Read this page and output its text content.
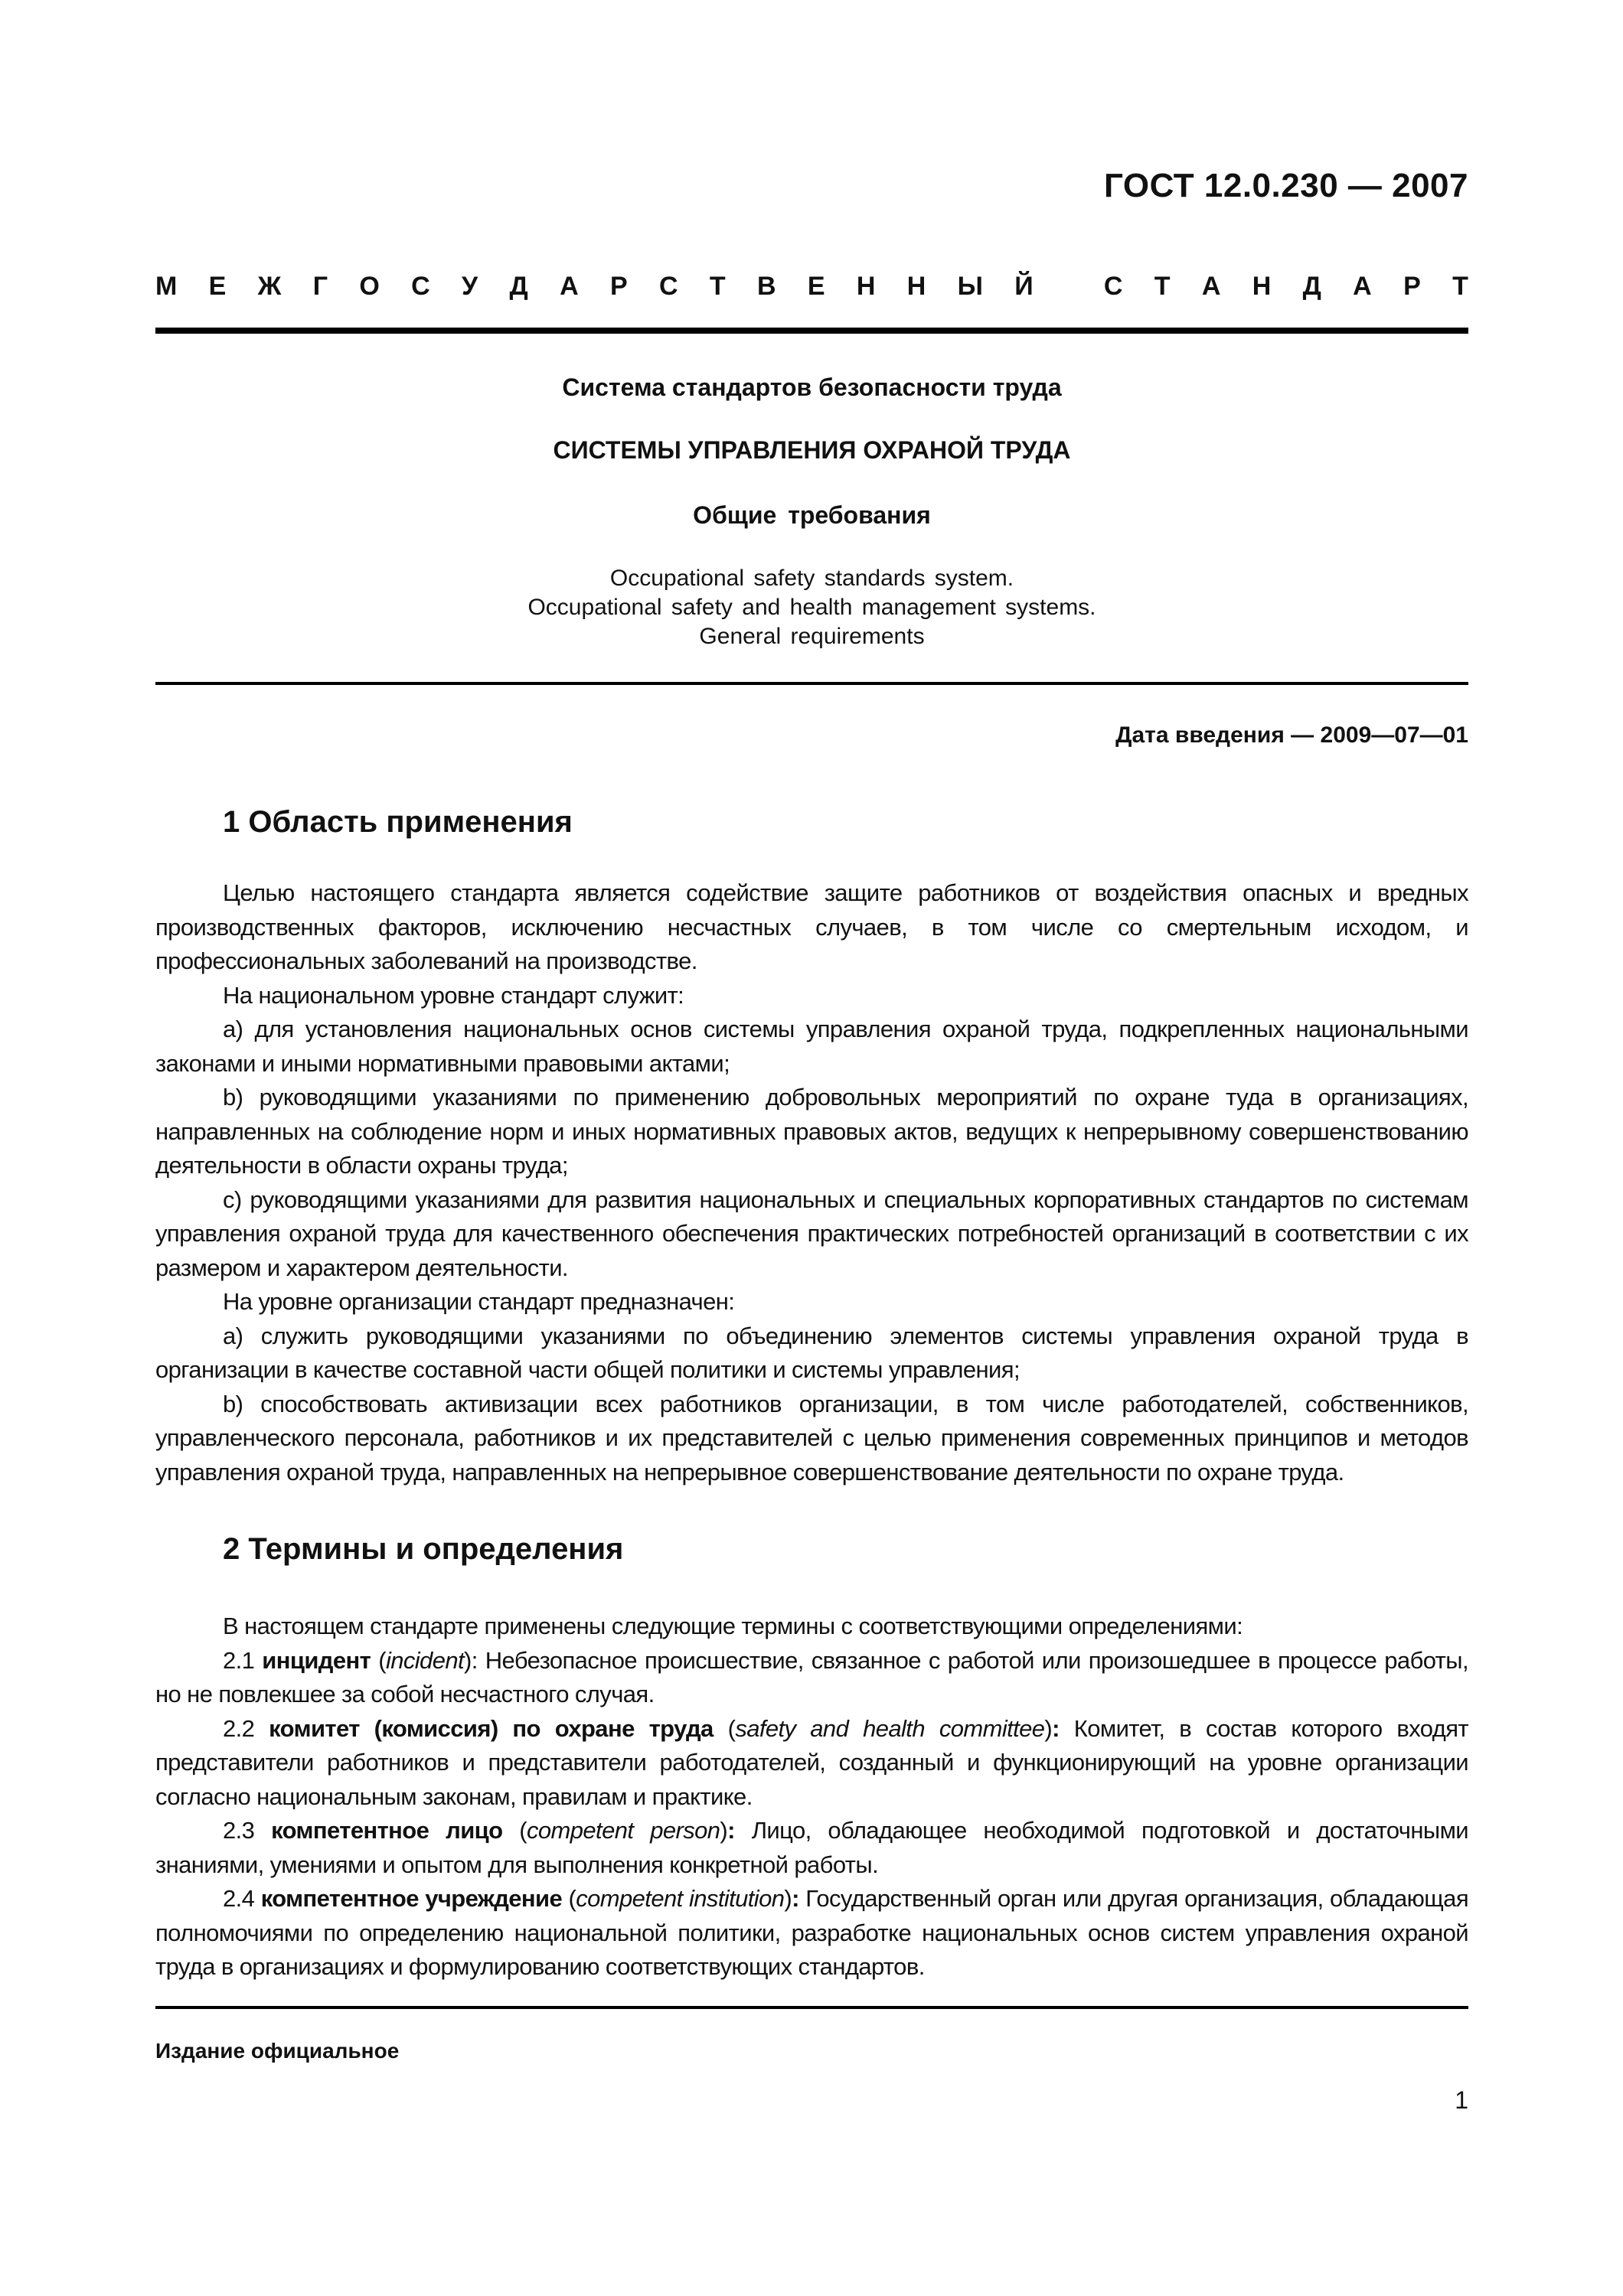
ГОСТ 12.0.230 — 2007
М Е Ж Г О С У Д А Р С Т В Е Н Н Ы Й
	С Т А Н Д А Р Т
Система стандартов безопасности труда
СИСТЕМЫ УПРАВЛЕНИЯ ОХРАНОЙ ТРУДА
Общие требования
Occupational safety standards system.
Occupational safety and health management systems.
General requirements
Дата введения — 2009—07—01
1 Область применения

Целью настоящего стандарта является содействие защите работников от воздействия опасных и вредных производственных факторов, исключению несчастных случаев, в том числе со смертельным исходом, и профессиональных заболеваний на производстве.

На национальном уровне стандарт служит:

a) для установления национальных основ системы управления охраной труда, подкрепленных национальными законами и иными нормативными правовыми актами;

b) руководящими указаниями по применению добровольных мероприятий по охране туда в организациях, направленных на соблюдение норм и иных нормативных правовых актов, ведущих к непрерывному совершенствованию деятельности в области охраны труда;

c) руководящими указаниями для развития национальных и специальных корпоративных стандартов по системам управления охраной труда для качественного обеспечения практических потребностей организаций в соответствии с их размером и характером деятельности.

На уровне организации стандарт предназначен:

a) служить руководящими указаниями по объединению элементов системы управления охраной труда в организации в качестве составной части общей политики и системы управления;

b) способствовать активизации всех работников организации, в том числе работодателей, собственников, управленческого персонала, работников и их представителей с целью применения современных принципов и методов управления охраной труда, направленных на непрерывное совершенствование деятельности по охране труда.

2 Термины и определения

В настоящем стандарте применены следующие термины с соответствующими определениями:

2.1 инцидент (incident): Небезопасное происшествие, связанное с работой или произошедшее в процессе работы, но не повлекшее за собой несчастного случая.

2.2 комитет (комиссия) по охране труда (safety and health committee): Комитет, в состав которого входят представители работников и представители работодателей, созданный и функционирующий на уровне организации согласно национальным законам, правилам и практике.

2.3 компетентное лицо (competent person): Лицо, обладающее необходимой подготовкой и достаточными знаниями, умениями и опытом для выполнения конкретной работы.

2.4 компетентное учреждение (competent institution): Государственный орган или другая организация, обладающая полномочиями по определению национальной политики, разработке национальных основ систем управления охраной труда в организациях и формулированию соответствующих стандартов.

Издание официальное
1
